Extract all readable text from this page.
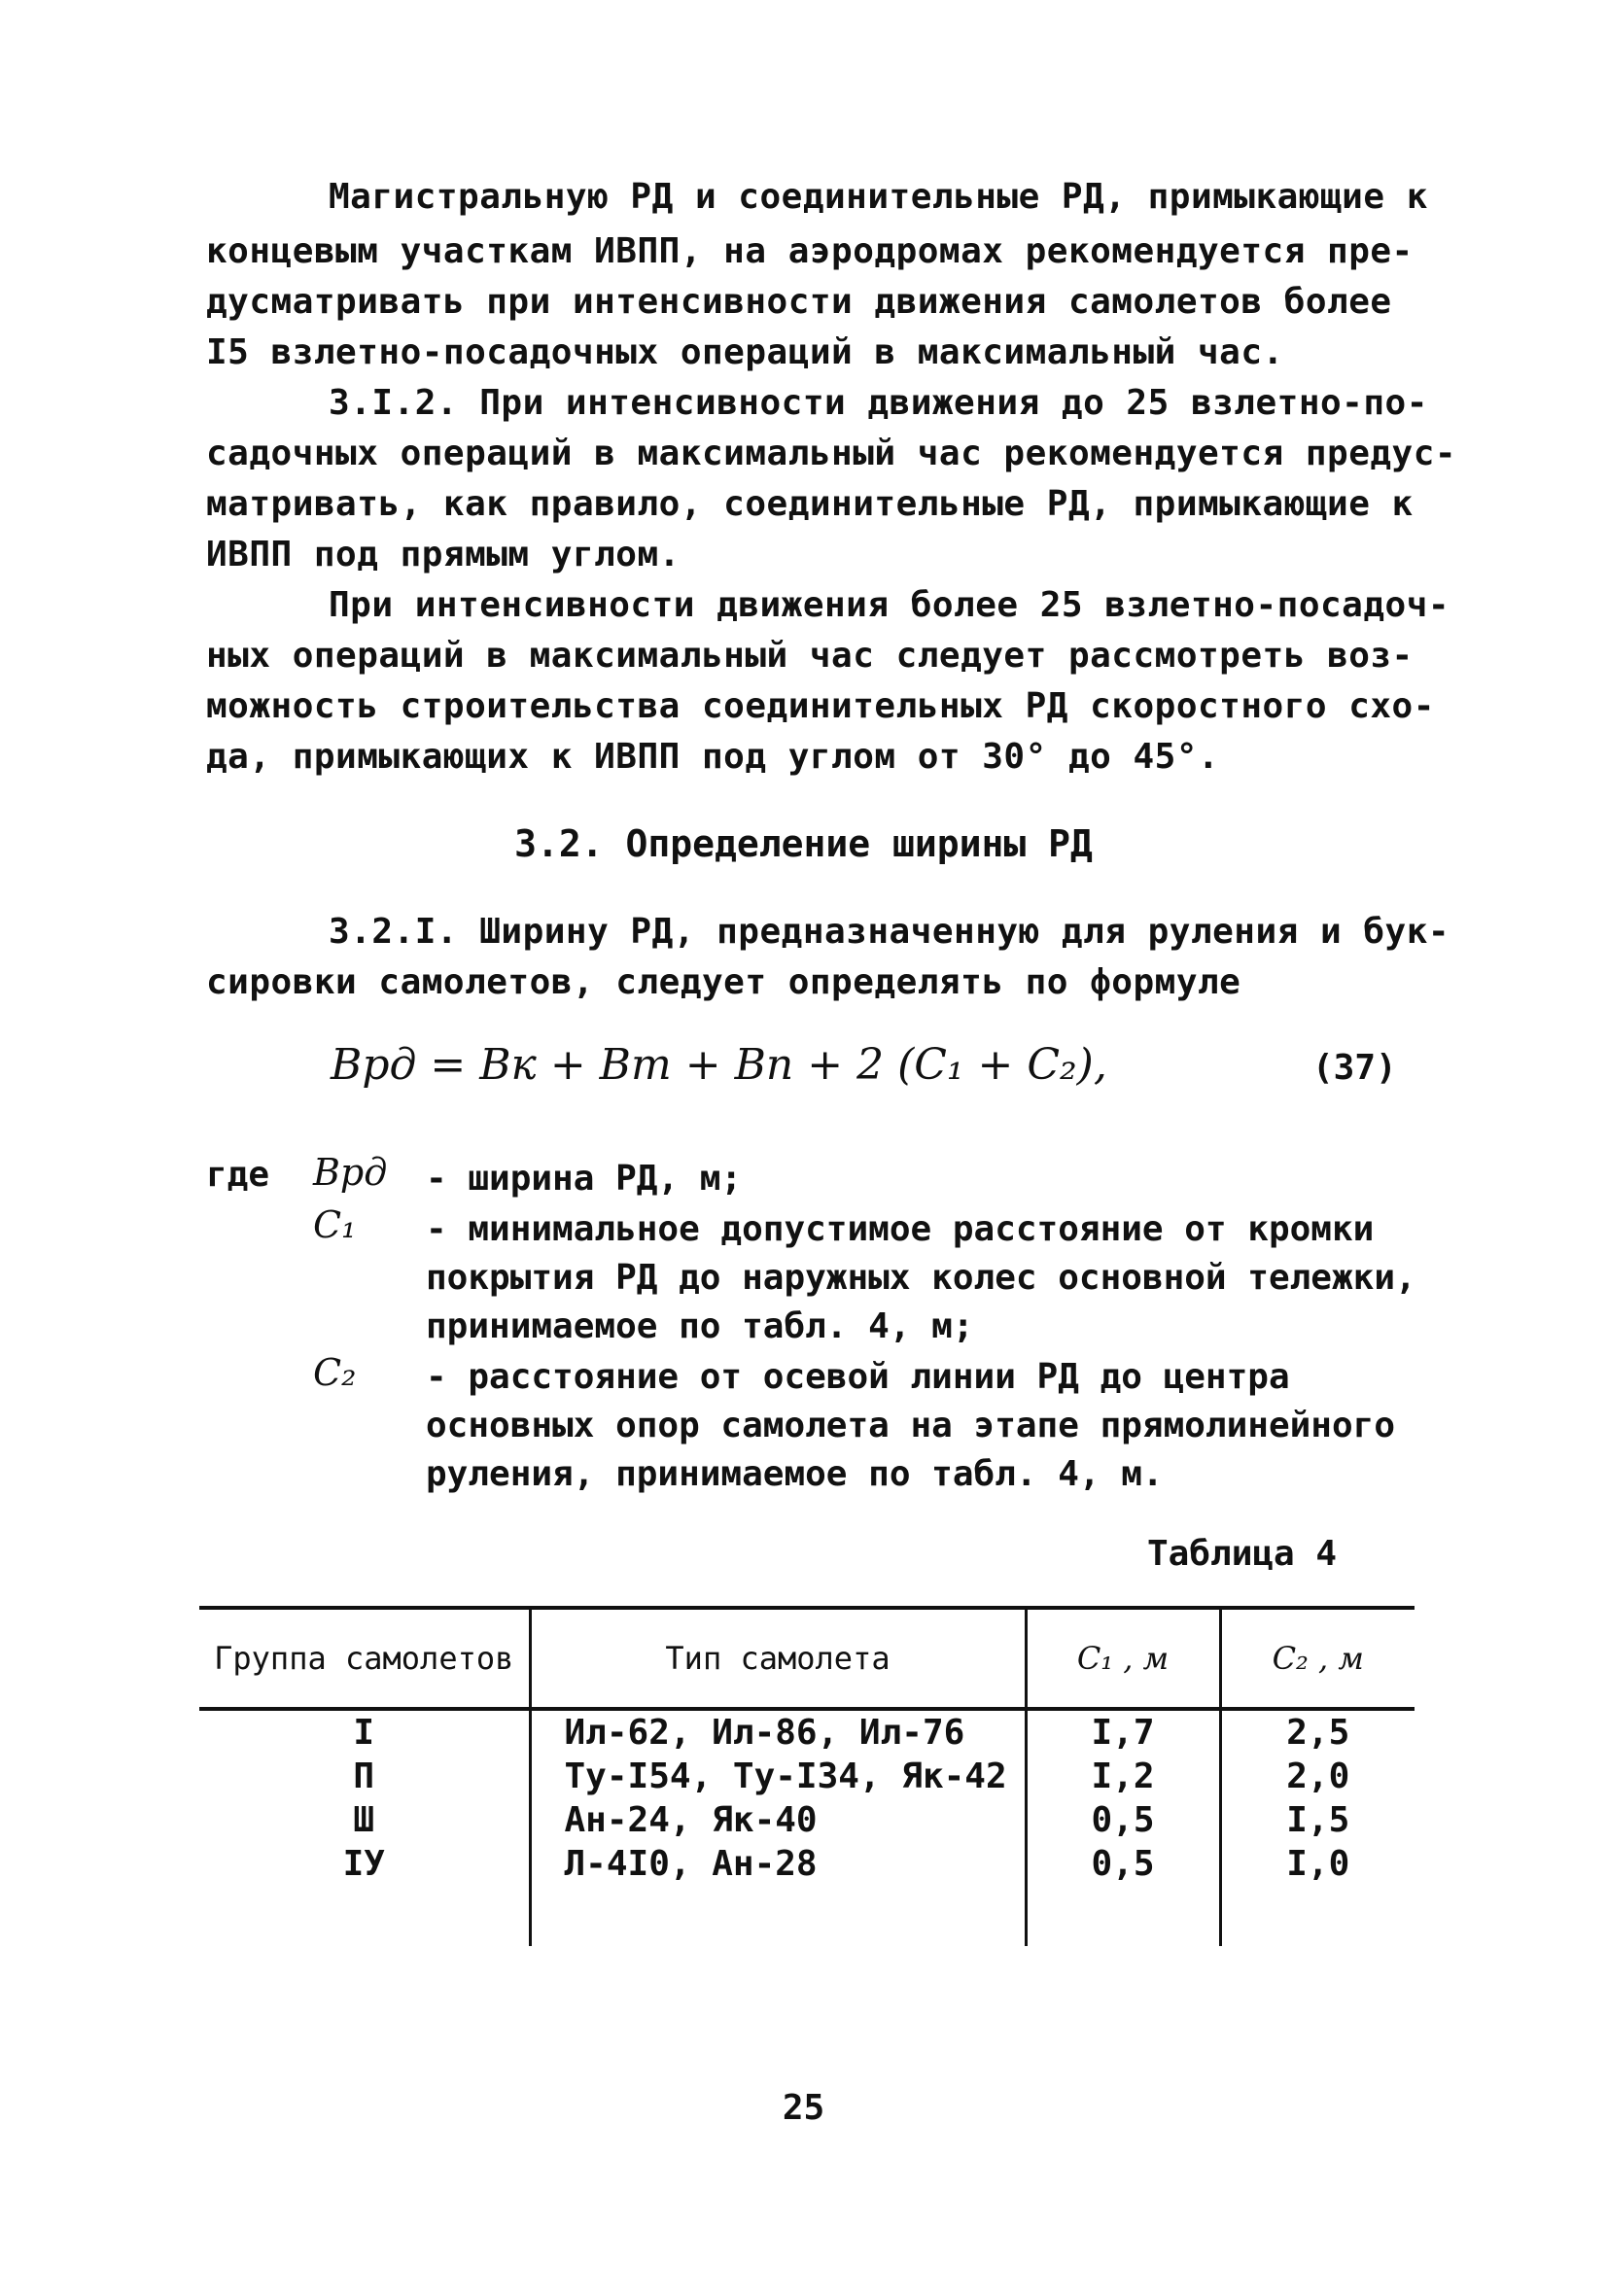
Магистральную РД и соединительные РД, примыкающие к
концевым участкам ИВПП, на аэродромах рекомендуется пре-
дусматривать при интенсивности движения самолетов более
I5 взлетно-посадочных операций в максимальный час.
3.I.2. При интенсивности движения до 25 взлетно-по-
садочных операций в максимальный час рекомендуется предус-
матривать, как правило, соединительные РД, примыкающие к
ИВПП под прямым углом.
При интенсивности движения более 25 взлетно-посадоч-
ных операций в максимальный час следует рассмотреть воз-
можность строительства соединительных РД скоростного схо-
да, примыкающих к ИВПП под углом от 30° до 45°.
3.2. Определение ширины РД
3.2.I. Ширину РД, предназначенную для руления и бук-
сировки самолетов, следует определять по формуле
Bрд = Bк + Bт + Bп + 2 (C₁ + C₂),	(37)
где Bрд - ширина РД, м;
C₁ - минимальное допустимое расстояние от кромки покрытия РД до наружных колес основной тележки, принимаемое по табл. 4, м;
C₂ - расстояние от осевой линии РД до центра основных опор самолета на этапе прямолинейного руления, принимаемое по табл. 4, м.
Таблица 4
Группа самолетов	Тип самолета	C₁ , м	C₂ , м
I	Ил-62, Ил-86, Ил-76	I,7	2,5
П	Ту-I54, Ту-I34, Як-42	I,2	2,0
Ш	Ан-24, Як-40	0,5	I,5
IУ	Л-4I0, Ан-28	0,5	I,0

25
